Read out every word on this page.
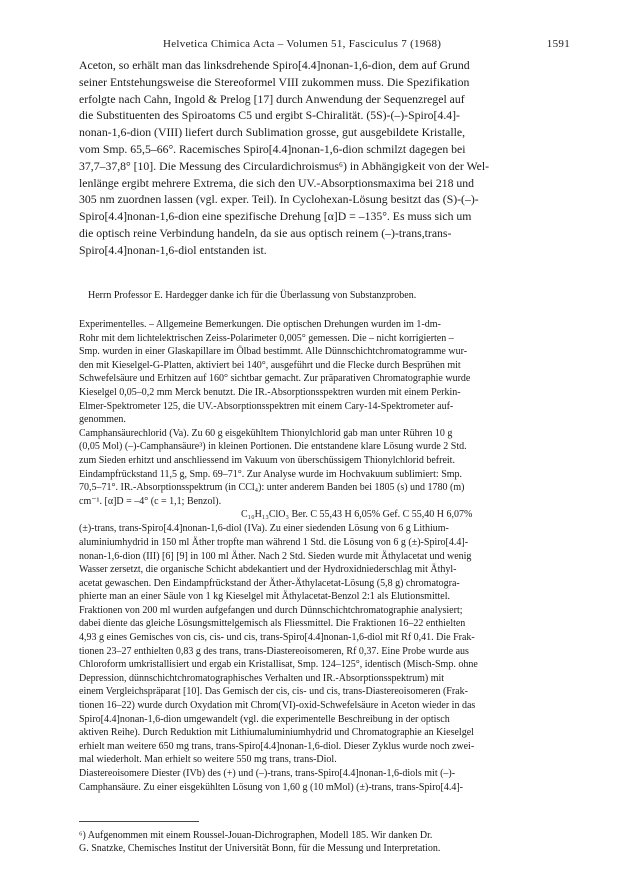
Helvetica Chimica Acta – Volumen 51, Fasciculus 7 (1968)	1591
Aceton, so erhält man das linksdrehende Spiro[4.4]nonan-1,6-dion, dem auf Grund
seiner Entstehungsweise die Stereoformel VIII zukommen muss. Die Spezifikation
erfolgte nach Cahn, Ingold & Prelog [17] durch Anwendung der Sequenzregel auf
die Substituenten des Spiroatoms C5 und ergibt S-Chiralität. (5S)-(–)-Spiro[4.4]-
nonan-1,6-dion (VIII) liefert durch Sublimation grosse, gut ausgebildete Kristalle,
vom Smp. 65,5–66°. Racemisches Spiro[4.4]nonan-1,6-dion schmilzt dagegen bei
37,7–37,8° [10]. Die Messung des Circulardichroismus⁶) in Abhängigkeit von der Wel-
lenlänge ergibt mehrere Extrema, die sich den UV.-Absorptionsmaxima bei 218 und
305 nm zuordnen lassen (vgl. exper. Teil). In Cyclohexan-Lösung besitzt das (S)-(–)-
Spiro[4.4]nonan-1,6-dion eine spezifische Drehung [α]D = –135°. Es muss sich um
die optisch reine Verbindung handeln, da sie aus optisch reinem (–)-trans,trans-
Spiro[4.4]nonan-1,6-diol entstanden ist.
Herrn Professor E. Hardegger danke ich für die Überlassung von Substanzproben.
Experimentelles. – Allgemeine Bemerkungen. Die optischen Drehungen wurden im 1-dm-
Rohr mit dem lichtelektrischen Zeiss-Polarimeter 0,005° gemessen. Die – nicht korrigierten –
Smp. wurden in einer Glaskapillare im Ölbad bestimmt. Alle Dünnschichtchromatogramme wur-
den mit Kieselgel-G-Platten, aktiviert bei 140°, ausgeführt und die Flecke durch Besprühen mit
Schwefelsäure und Erhitzen auf 160° sichtbar gemacht. Zur präparativen Chromatographie wurde
Kieselgel 0,05–0,2 mm Merck benutzt. Die IR.-Absorptionsspektren wurden mit einem Perkin-
Elmer-Spektrometer 125, die UV.-Absorptionsspektren mit einem Cary-14-Spektrometer auf-
genommen.
Camphansäurechlorid (Va). Zu 60 g eisgekühltem Thionylchlorid gab man unter Rühren 10 g
(0,05 Mol) (–)-Camphansäure³) in kleinen Portionen. Die entstandene klare Lösung wurde 2 Std.
zum Sieden erhitzt und anschliessend im Vakuum von überschüssigem Thionylchlorid befreit.
Eindampfrückstand 11,5 g, Smp. 69–71°. Zur Analyse wurde im Hochvakuum sublimiert: Smp.
70,5–71°. IR.-Absorptionsspektrum (in CCl₄): unter anderem Banden bei 1805 (s) und 1780 (m)
cm⁻¹. [α]D = –4° (c = 1,1; Benzol).
C₁₀H₁₃ClO₃ Ber. C 55,43 H 6,05% Gef. C 55,40 H 6,07%
(±)-trans, trans-Spiro[4.4]nonan-1,6-diol (IVa). Zu einer siedenden Lösung von 6 g Lithium-
aluminiumhydrid in 150 ml Äther tropfte man während 1 Std. die Lösung von 6 g (±)-Spiro[4.4]-
nonan-1,6-dion (III) [6] [9] in 100 ml Äther. Nach 2 Std. Sieden wurde mit Äthylacetat und wenig
Wasser zersetzt, die organische Schicht abdekantiert und der Hydroxidniederschlag mit Äthyl-
acetat gewaschen. Den Eindampfrückstand der Äther-Äthylacetat-Lösung (5,8 g) chromatogra-
phierte man an einer Säule von 1 kg Kieselgel mit Äthylacetat-Benzol 2:1 als Elutionsmittel.
Fraktionen von 200 ml wurden aufgefangen und durch Dünnschichtchromatographie analysiert;
dabei diente das gleiche Lösungsmittelgemisch als Fliessmittel. Die Fraktionen 16–22 enthielten
4,93 g eines Gemisches von cis, cis- und cis, trans-Spiro[4.4]nonan-1,6-diol mit Rf 0,41. Die Frak-
tionen 23–27 enthielten 0,83 g des trans, trans-Diastereoisomeren, Rf 0,37. Eine Probe wurde aus
Chloroform umkristallisiert und ergab ein Kristallisat, Smp. 124–125°, identisch (Misch-Smp. ohne
Depression, dünnschichtchromatographisches Verhalten und IR.-Absorptionsspektrum) mit
einem Vergleichspräparat [10]. Das Gemisch der cis, cis- und cis, trans-Diastereoisomeren (Frak-
tionen 16–22) wurde durch Oxydation mit Chrom(VI)-oxid-Schwefelsäure in Aceton wieder in das
Spiro[4.4]nonan-1,6-dion umgewandelt (vgl. die experimentelle Beschreibung in der optisch
aktiven Reihe). Durch Reduktion mit Lithiumaluminiumhydrid und Chromatographie an Kieselgel
erhielt man weitere 650 mg trans, trans-Spiro[4.4]nonan-1,6-diol. Dieser Zyklus wurde noch zwei-
mal wiederholt. Man erhielt so weitere 550 mg trans, trans-Diol.
Diastereoisomere Diester (IVb) des (+) und (–)-trans, trans-Spiro[4.4]nonan-1,6-diols mit (–)-
Camphansäure. Zu einer eisgekühlten Lösung von 1,60 g (10 mMol) (±)-trans, trans-Spiro[4.4]-
⁶) Aufgenommen mit einem Roussel-Jouan-Dichrographen, Modell 185. Wir danken Dr.
G. Snatzke, Chemisches Institut der Universität Bonn, für die Messung und Interpretation.
